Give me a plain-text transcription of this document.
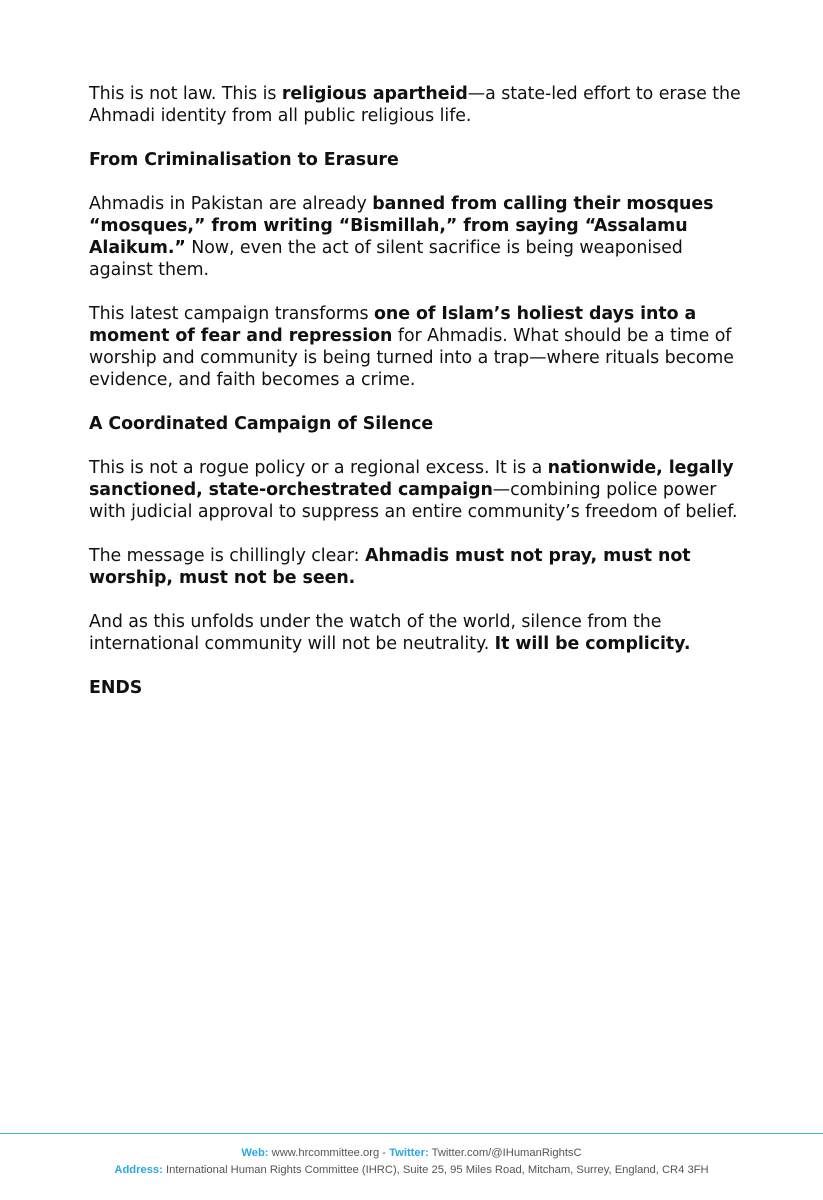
This is not law. This is religious apartheid—a state-led effort to erase the Ahmadi identity from all public religious life.

From Criminalisation to Erasure

Ahmadis in Pakistan are already banned from calling their mosques “mosques,” from writing “Bismillah,” from saying “Assalamu Alaikum.” Now, even the act of silent sacrifice is being weaponised against them.

This latest campaign transforms one of Islam’s holiest days into a moment of fear and repression for Ahmadis. What should be a time of worship and community is being turned into a trap—where rituals become evidence, and faith becomes a crime.

A Coordinated Campaign of Silence

This is not a rogue policy or a regional excess. It is a nationwide, legally sanctioned, state-orchestrated campaign—combining police power with judicial approval to suppress an entire community’s freedom of belief.

The message is chillingly clear: Ahmadis must not pray, must not worship, must not be seen.

And as this unfolds under the watch of the world, silence from the international community will not be neutrality. It will be complicity.

ENDS
Web: www.hrcommittee.org - Twitter: Twitter.com/@IHumanRightsC
Address: International Human Rights Committee (IHRC), Suite 25, 95 Miles Road, Mitcham, Surrey, England, CR4 3FH
